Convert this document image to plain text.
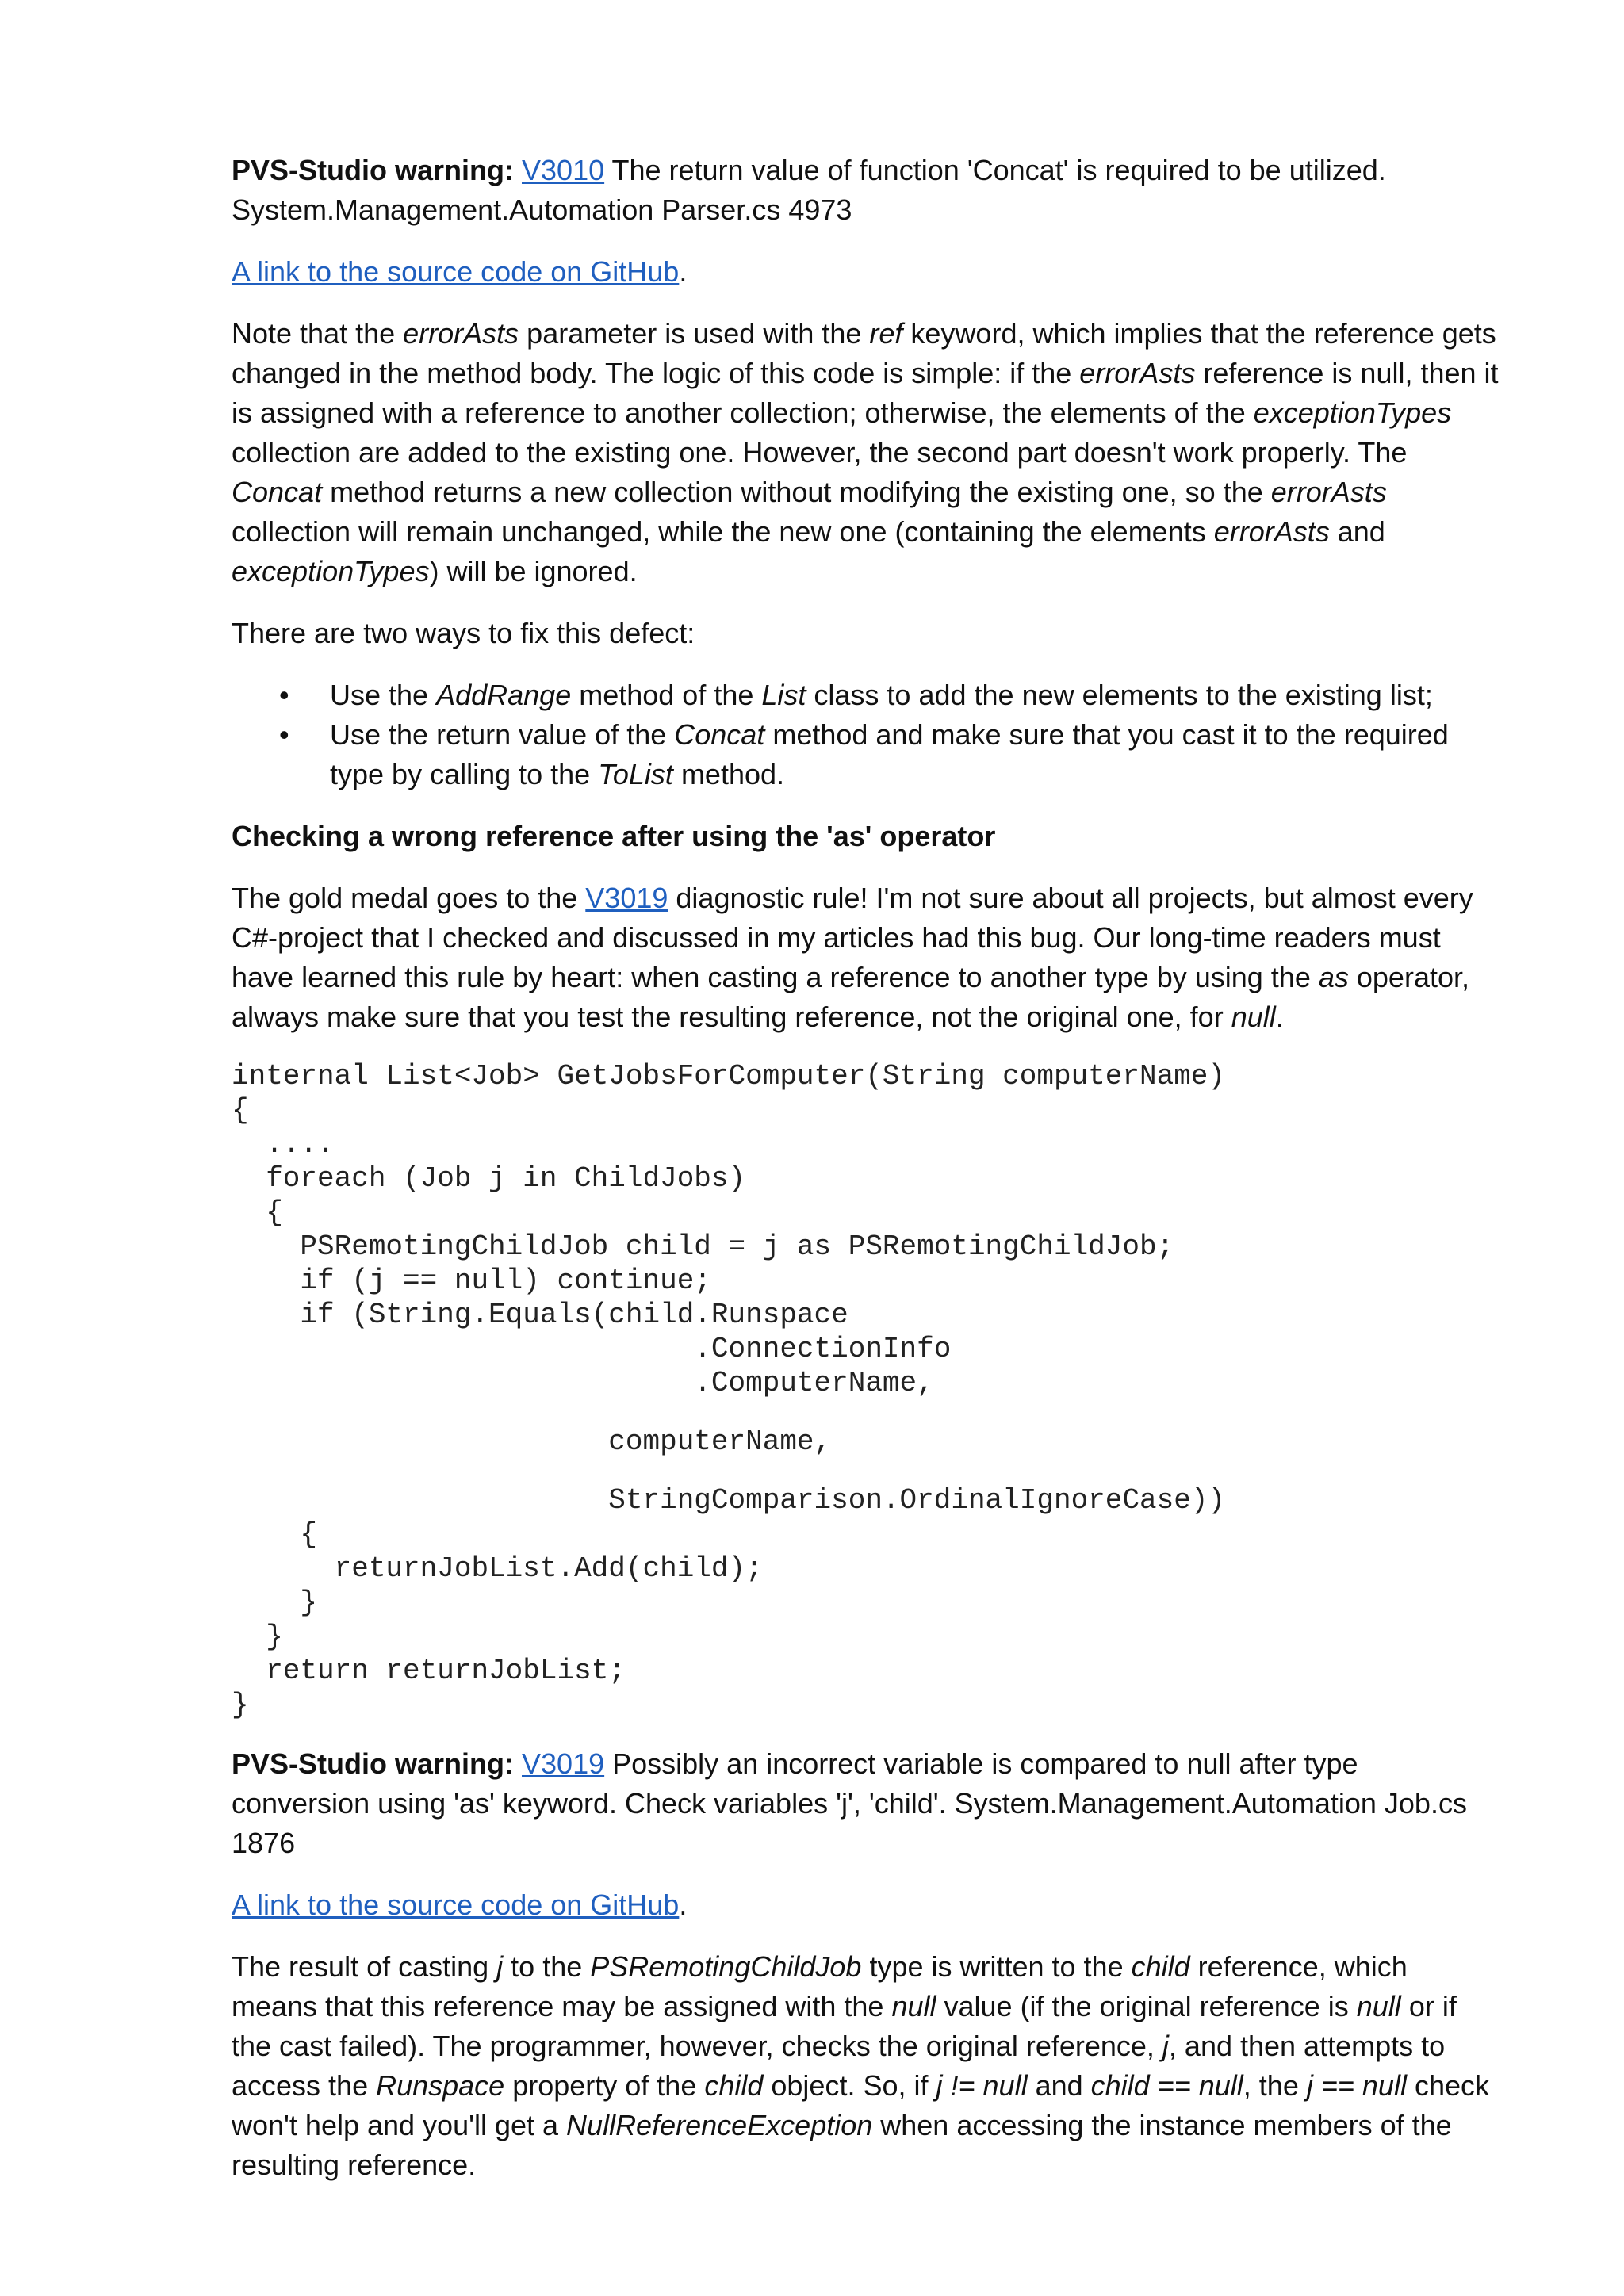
PVS-Studio warning: V3010 The return value of function 'Concat' is required to be utilized.
System.Management.Automation Parser.cs 4973

A link to the source code on GitHub.

Note that the errorAsts parameter is used with the ref keyword, which implies that the reference gets changed in the method body. The logic of this code is simple: if the errorAsts reference is null, then it is assigned with a reference to another collection; otherwise, the elements of the exceptionTypes collection are added to the existing one. However, the second part doesn't work properly. The Concat method returns a new collection without modifying the existing one, so the errorAsts collection will remain unchanged, while the new one (containing the elements errorAsts and exceptionTypes) will be ignored.

There are two ways to fix this defect:

• Use the AddRange method of the List class to add the new elements to the existing list;
• Use the return value of the Concat method and make sure that you cast it to the required type by calling to the ToList method.
Checking a wrong reference after using the 'as' operator

The gold medal goes to the V3019 diagnostic rule! I'm not sure about all projects, but almost every C#-project that I checked and discussed in my articles had this bug. Our long-time readers must have learned this rule by heart: when casting a reference to another type by using the as operator, always make sure that you test the resulting reference, not the original one, for null.

internal List<Job> GetJobsForComputer(String computerName)
{
....
foreach (Job j in ChildJobs)
{
PSRemotingChildJob child = j as PSRemotingChildJob;
if (j == null) continue;
if (String.Equals(child.Runspace
.ConnectionInfo
.ComputerName,
computerName,
StringComparison.OrdinalIgnoreCase))
{
returnJobList.Add(child);
}
}
return returnJobList;
}

PVS-Studio warning: V3019 Possibly an incorrect variable is compared to null after type conversion using 'as' keyword. Check variables 'j', 'child'. System.Management.Automation Job.cs 1876

A link to the source code on GitHub.

The result of casting j to the PSRemotingChildJob type is written to the child reference, which means that this reference may be assigned with the null value (if the original reference is null or if the cast failed). The programmer, however, checks the original reference, j, and then attempts to access the Runspace property of the child object. So, if j != null and child == null, the j == null check won't help and you'll get a NullReferenceException when accessing the instance members of the resulting reference.
